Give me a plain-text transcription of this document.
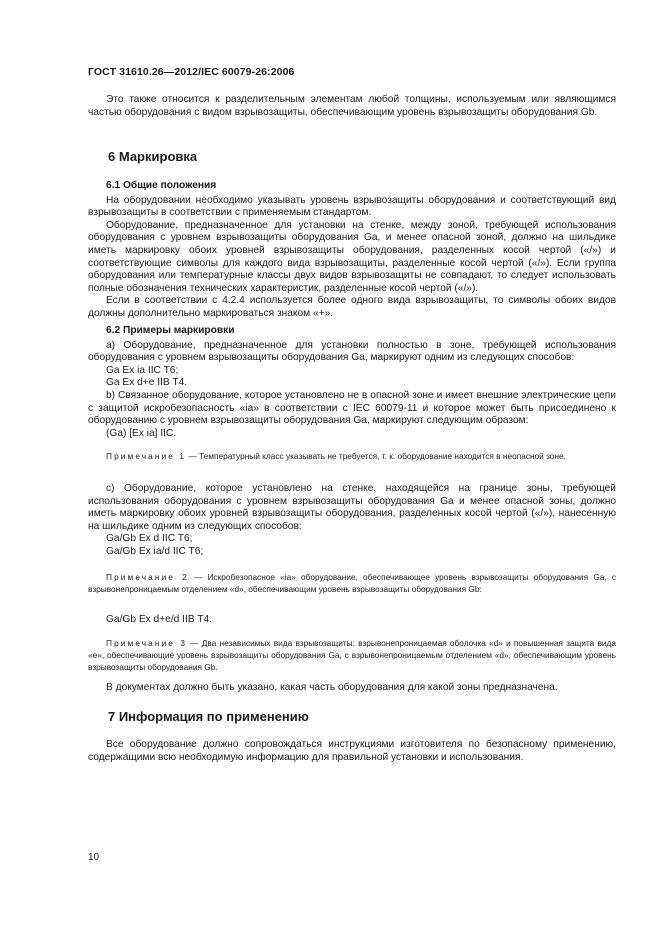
ГОСТ 31610.26—2012/IEC 60079-26:2006

Это также относится к разделительным элементам любой толщины, используемым или являющимся частью оборудования с видом взрывозащиты, обеспечивающим уровень взрывозащиты оборудования Gb.

6 Маркировка
6.1 Общие положения

На оборудовании необходимо указывать уровень взрывозащиты оборудования и соответствующий вид взрывозащиты в соответствии с применяемым стандартом.

Оборудование, предназначенное для установки на стенке, между зоной, требующей использования оборудования с уровнем взрывозащиты оборудования Ga, и менее опасной зоной, должно на шильдике иметь маркировку обоих уровней взрывозащиты оборудования, разделенных косой чертой («/») и соответствующие символы для каждого вида взрывозащиты, разделенные косой чертой («/»). Если группа оборудования или температурные классы двух видов взрывозащиты не совпадают, то следует использовать полные обозначения технических характеристик, разделенные косой чертой («/»).

Если в соответствии с 4.2.4 используется более одного вида взрывозащиты, то символы обоих видов должны дополнительно маркироваться знаком «+».

6.2 Примеры маркировки

a) Оборудование, предназначенное для установки полностью в зоне, требующей использования оборудования с уровнем взрывозащиты оборудования Ga, маркируют одним из следующих способов:

Ga Ex ia IIC T6;

Ga Ex d+e IIB T4.

b) Связанное оборудование, которое установлено не в опасной зоне и имеет внешние электрические цепи с защитой искробезопасность «ia» в соответствии с IEC 60079-11 и которое может быть присоединено к оборудованию с уровнем взрывозащиты оборудования Ga, маркируют следующим образом:

(Ga) [Ex ia] IIC.

Примечание 1 — Температурный класс указывать не требуется, т. к. оборудование находится в неопасной зоне.

c) Оборудование, которое установлено на стенке, находящейся на границе зоны, требующей использования оборудования с уровнем взрывозащиты оборудования Ga и менее опасной зоны, должно иметь маркировку обоих уровней взрывозащиты оборудования, разделенных косой чертой («/»), нанесенную на шильдике одним из следующих способов:

Ga/Gb Ex d IIC T6;

Ga/Gb Ex ia/d IIC T6;

Примечание 2 — Искробезопасное «ia» оборудование, обеспечивающее уровень взрывозащиты оборудования Ga, с взрывонепроницаемым отделением «d», обеспечивающим уровень взрывозащиты оборудования Gb:

Ga/Gb Ex d+e/d IIB T4.

Примечание 3 — Два независимых вида взрывозащиты: взрывонепроницаемая оболочка «d» и повышенная защита вида «е», обеспечивающие уровень взрывозащиты оборудования Ga, с взрывонепроницаемым отделением «d», обеспечивающим уровень взрывозащиты оборудования Gb.

В документах должно быть указано, какая часть оборудования для какой зоны предназначена.

7 Информация по применению

Все оборудование должно сопровождаться инструкциями изготовителя по безопасному применению, содержащими всю необходимую информацию для правильной установки и использования.

10
